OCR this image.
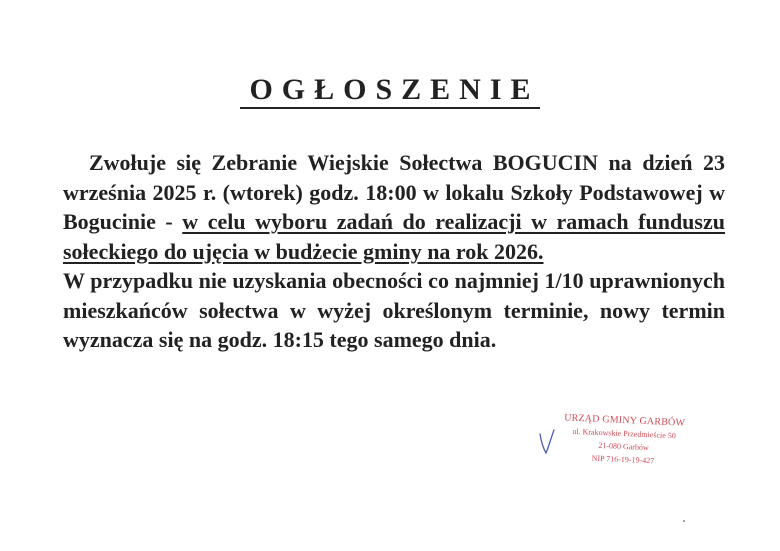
OGŁOSZENIE

Zwołuje się Zebranie Wiejskie Sołectwa BOGUCIN na dzień 23 września 2025 r. (wtorek) godz. 18:00 w lokalu Szkoły Podstawowej w Bogucinie - w celu wyboru zadań do realizacji w ramach funduszu sołeckiego do ujęcia w budżecie gminy na rok 2026.

W przypadku nie uzyskania obecności co najmniej 1/10 uprawnionych mieszkańców sołectwa w wyżej określonym terminie, nowy termin wyznacza się na godz. 18:15 tego samego dnia.

URZĄD GMINY GARBÓW
ul. Krakowskie Przedmieście 50
21-080 Garbów
NIP 716-19-19-427
